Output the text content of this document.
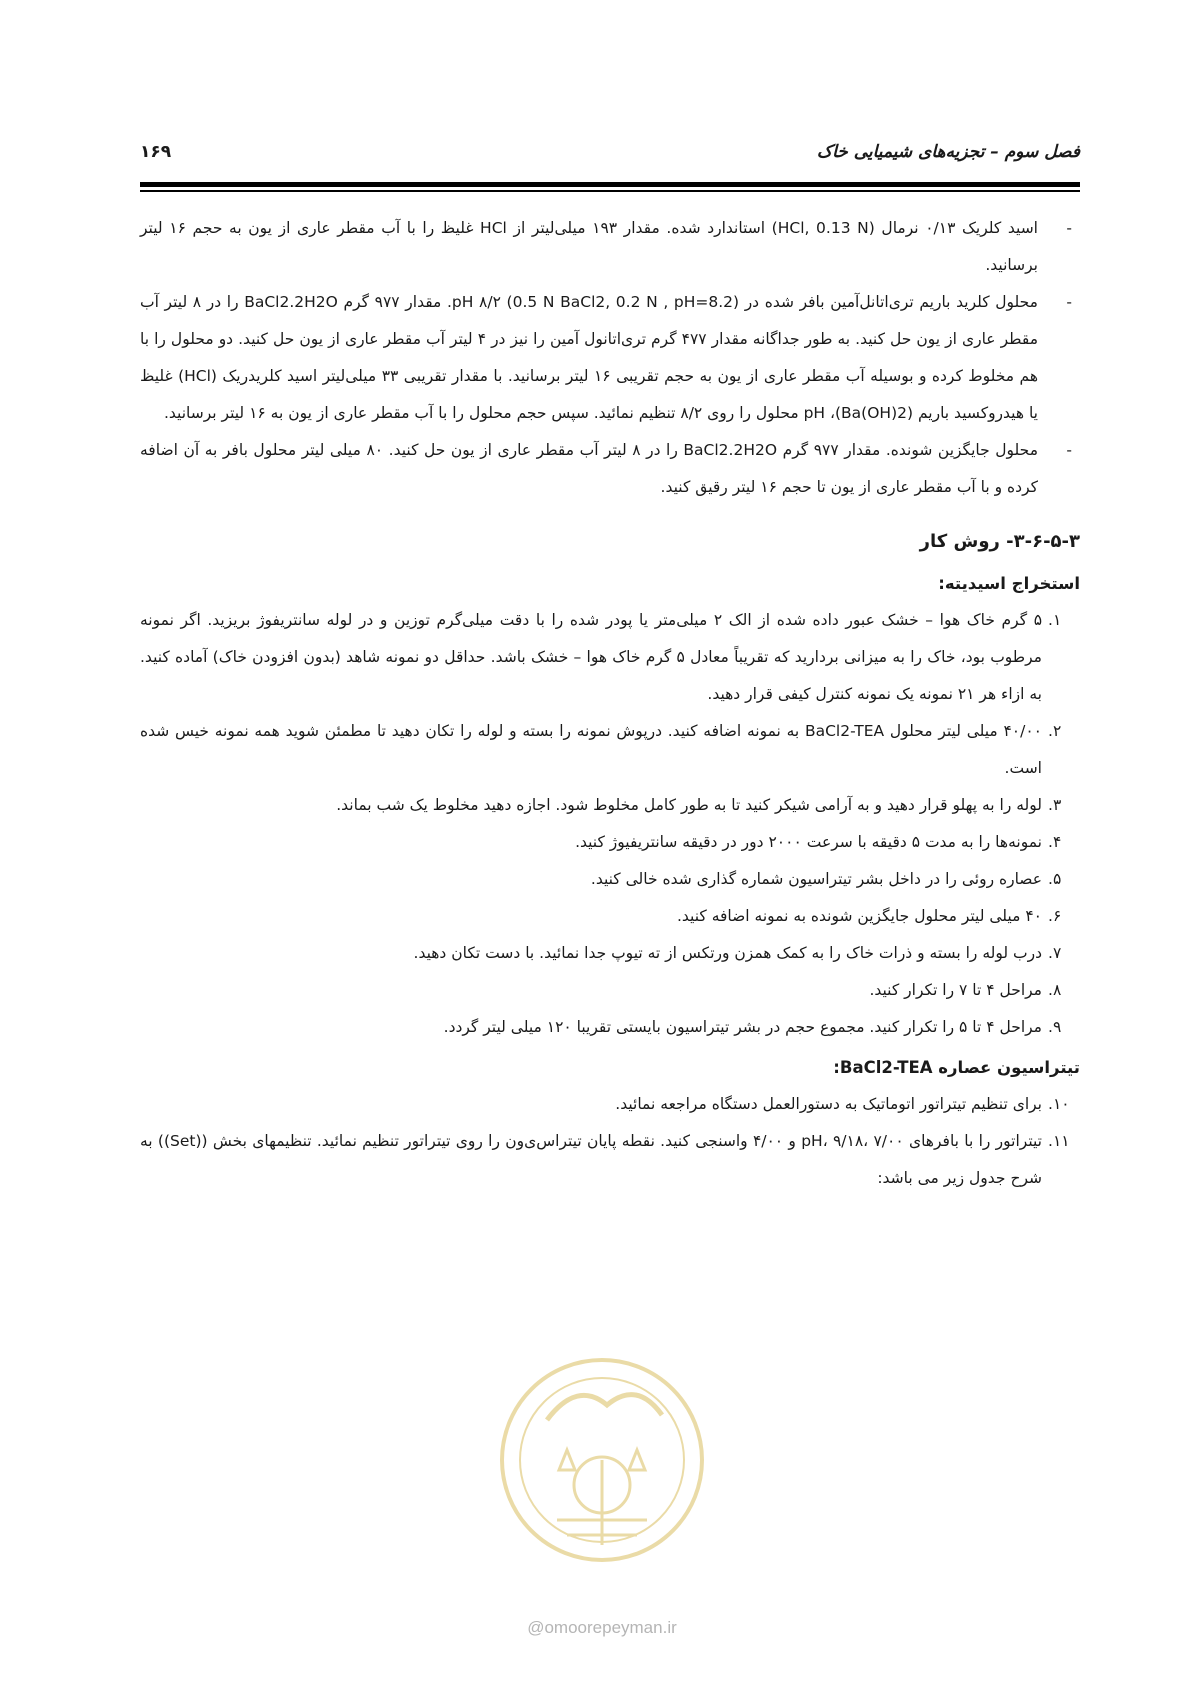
فصل سوم – تجزیه‌های شیمیایی خاک
۱۶۹
-
اسید کلریک ۰/۱۳ نرمال (HCl, 0.13 N) استاندارد شده. مقدار ۱۹۳ میلی‌لیتر از HCl غلیظ را با آب مقطر عاری از یون به حجم ۱۶ لیتر برسانید.
-
محلول کلرید باریم تری‌اتانل‌آمین بافر شده در pH ۸/۲ (0.5 N BaCl2, 0.2 N , pH=8.2). مقدار ۹۷۷ گرم BaCl2.2H2O را در ۸ لیتر آب مقطر عاری از یون حل کنید. به طور جداگانه مقدار ۴۷۷ گرم تری‌اتانول آمین را نیز در ۴ لیتر آب مقطر عاری از یون حل کنید. دو محلول را با هم مخلوط کرده و بوسیله آب مقطر عاری از یون به حجم تقریبی ۱۶ لیتر برسانید. با مقدار تقریبی ۳۳ میلی‌لیتر اسید کلریدریک (HCl) غلیظ یا هیدروکسید باریم (Ba(OH)2)، pH محلول را روی ۸/۲ تنظیم نمائید. سپس حجم محلول را با آب مقطر عاری از یون به ۱۶ لیتر برسانید.
-
محلول جایگزین شونده. مقدار ۹۷۷ گرم BaCl2.2H2O را در ۸ لیتر آب مقطر عاری از یون حل کنید. ۸۰ میلی لیتر محلول بافر به آن اضافه کرده و با آب مقطر عاری از یون تا حجم ۱۶ لیتر رقیق کنید.
۳-۶-۵-۳- روش کار
استخراج اسیدیته:
۱.
۵ گرم خاک هوا – خشک عبور داده شده از الک ۲ میلی‌متر یا پودر شده را با دقت میلی‌گرم توزین و در لوله سانتریفوژ بریزید. اگر نمونه مرطوب بود، خاک را به میزانی بردارید که تقریباً معادل ۵ گرم خاک هوا – خشک باشد. حداقل دو نمونه شاهد (بدون افزودن خاک) آماده کنید. به ازاء هر ۲۱ نمونه یک نمونه کنترل کیفی قرار دهید.
۲.
۴۰/۰۰ میلی لیتر محلول BaCl2-TEA به نمونه اضافه کنید. درپوش نمونه را بسته و لوله را تکان دهید تا مطمئن شوید همه نمونه خیس شده است.
۳.
لوله را به پهلو قرار دهید و به آرامی شیکر کنید تا به طور کامل مخلوط شود. اجازه دهید مخلوط یک شب بماند.
۴.
نمونه‌ها را به مدت ۵ دقیقه با سرعت ۲۰۰۰ دور در دقیقه سانتریفیوژ کنید.
۵.
عصاره روئی را در داخل بشر تیتراسیون شماره گذاری شده خالی کنید.
۶.
۴۰ میلی لیتر محلول جایگزین شونده به نمونه اضافه کنید.
۷.
درب لوله را بسته و ذرات خاک را به کمک همزن ورتکس از ته تیوپ جدا نمائید. با دست تکان دهید.
۸.
مراحل ۴ تا ۷ را تکرار کنید.
۹.
مراحل ۴ تا ۵ را تکرار کنید. مجموع حجم در بشر تیتراسیون بایستی تقریبا ۱۲۰ میلی لیتر گردد.
تیتراسیون عصاره BaCl2-TEA:
۱۰.
برای تنظیم تیتراتور اتوماتیک به دستورالعمل دستگاه مراجعه نمائید.
۱۱.
تیتراتور را با بافرهای pH، ۹/۱۸، ۷/۰۰ و ۴/۰۰ واسنجی کنید. نقطه پایان تیتراس‌ی‌ون را روی تیتراتور تنظیم نمائید. تنظیمهای بخش ((Set)) به شرح جدول زیر می باشد:
@omoorepeyman.ir
